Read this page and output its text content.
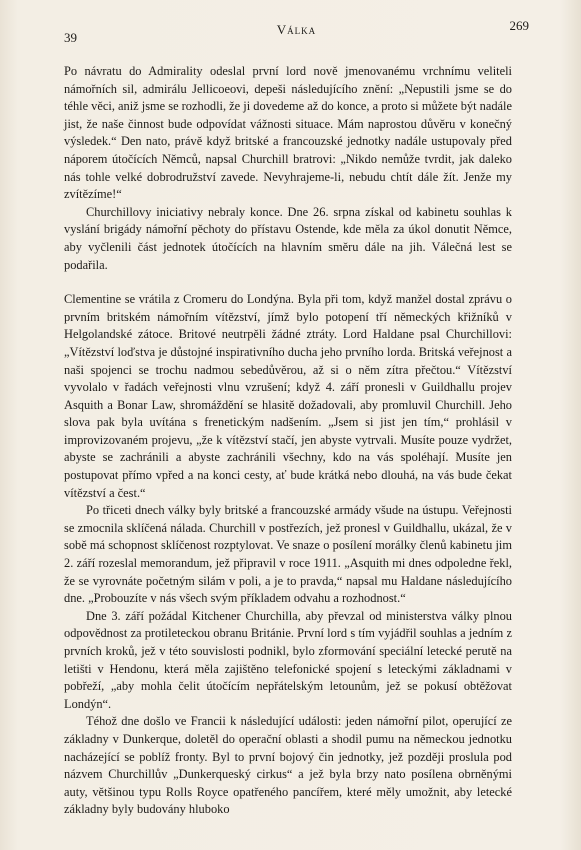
39
Válka	269

Po návratu do Admirality odeslal první lord nově jmenovanému vrchnímu veliteli námořních sil, admirálu Jellicoeovi, depeši následujícího znění: „Nepustili jsme se do téhle věci, aniž jsme se rozhodli, že ji dovedeme až do konce, a proto si můžete být nadále jist, že naše činnost bude odpovídat vážnosti situace. Mám naprostou důvěru v konečný výsledek.“ Den nato, právě když britské a francouzské jednotky nadále ustupovaly před náporem útočících Němců, napsal Churchill bratrovi: „Nikdo nemůže tvrdit, jak daleko nás tohle velké dobrodružství zavede. Nevyhrajeme-li, nebudu chtít dále žít. Jenže my zvítězíme!“

Churchillovy iniciativy nebraly konce. Dne 26. srpna získal od kabinetu souhlas k vyslání brigády námořní pěchoty do přístavu Ostende, kde měla za úkol donutit Němce, aby vyčlenili část jednotek útočících na hlavním směru dále na jih. Válečná lest se podařila.

Clementine se vrátila z Cromeru do Londýna. Byla při tom, když manžel dostal zprávu o prvním britském námořním vítězství, jímž bylo potopení tří německých křižníků v Helgolandské zátoce. Britové neutrpěli žádné ztráty. Lord Haldane psal Churchillovi: „Vítězství loďstva je důstojné inspirativního ducha jeho prvního lorda. Britská veřejnost a naši spojenci se trochu nadmou sebedůvěrou, až si o něm zítra přečtou.“ Vítězství vyvolalo v řadách veřejnosti vlnu vzrušení; když 4. září pronesli v Guildhallu projev Asquith a Bonar Law, shromáždění se hlasitě dožadovali, aby promluvil Churchill. Jeho slova pak byla uvítána s frenetickým nadšením. „Jsem si jist jen tím,“ prohlásil v improvizovaném projevu, „že k vítězství stačí, jen abyste vytrvali. Musíte pouze vydržet, abyste se zachránili a abyste zachránili všechny, kdo na vás spoléhají. Musíte jen postupovat přímo vpřed a na konci cesty, ať bude krátká nebo dlouhá, na vás bude čekat vítězství a čest.“

Po třiceti dnech války byly britské a francouzské armády všude na ústupu. Veřejnosti se zmocnila sklíčená nálada. Churchill v postřezích, jež pronesl v Guildhallu, ukázal, že v sobě má schopnost sklíčenost rozptylovat. Ve snaze o posílení morálky členů kabinetu jim 2. září rozeslal memorandum, jež připravil v roce 1911. „Asquith mi dnes odpoledne řekl, že se vyrovnáte početným silám v poli, a je to pravda,“ napsal mu Haldane následujícího dne. „Probouzíte v nás všech svým příkladem odvahu a rozhodnost.“

Dne 3. září požádal Kitchener Churchilla, aby převzal od ministerstva války plnou odpovědnost za protileteckou obranu Británie. První lord s tím vyjádřil souhlas a jedním z prvních kroků, jež v této souvislosti podnikl, bylo zformování speciální letecké perutě na letišti v Hendonu, která měla zajištěno telefonické spojení s leteckými základnami v pobřeží, „aby mohla čelit útočícím nepřátelským letounům, jež se pokusí obtěžovat Londýn“.

Téhož dne došlo ve Francii k následující události: jeden námořní pilot, operující ze základny v Dunkerque, doletěl do operační oblasti a shodil pumu na německou jednotku nacházející se poblíž fronty. Byl to první bojový čin jednotky, jež později proslula pod názvem Churchillův „Dunkerqueský cirkus“ a jež byla brzy nato posílena obrněnými auty, většinou typu Rolls Royce opatřeného pancířem, které měly umožnit, aby letecké základny byly budovány hluboko
